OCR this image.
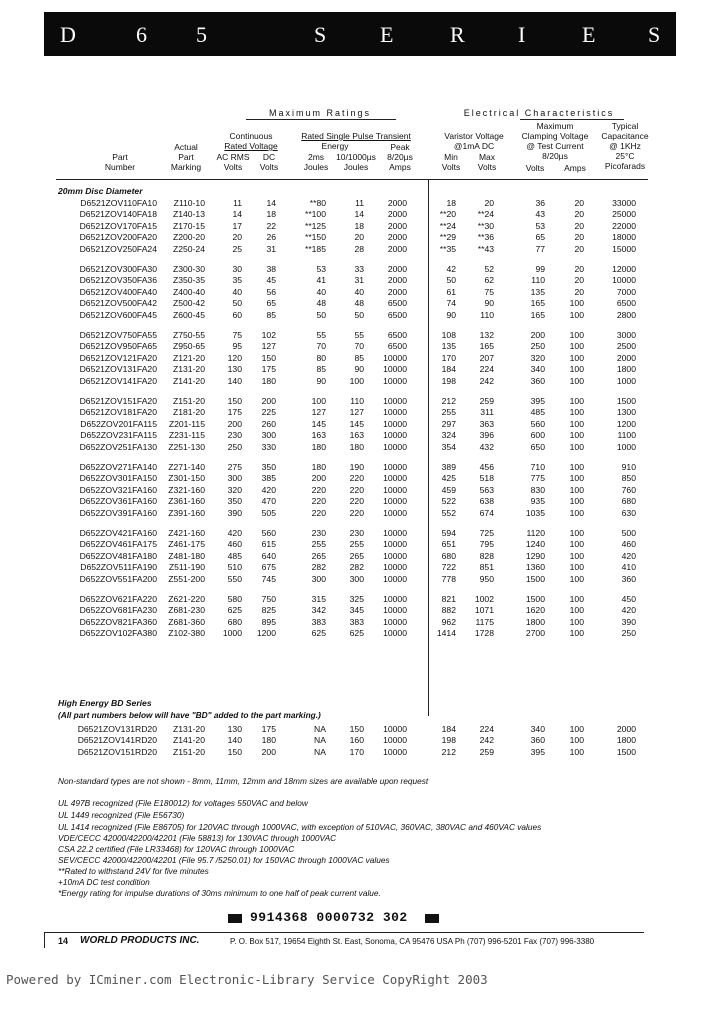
D	6 5	S E	R I	E S
Maximum Ratings	Electrical Characteristics
Part
Number
Actual
Part
Marking
Continuous
Rated Voltage
AC RMS
Volts
DC
Volts
Rated Single Pulse Transient
Energy
2ms
Joules
10/1000µs
Joules
Peak
8/20µs
Amps
Varistor Voltage
@1mA DC
Min
Volts
Max
Volts
Maximum
Clamping Voltage
@ Test Current
8/20µs
Volts	Amps
Typical
Capacitance
@ 1KHz
25°C
Picofarads
20mm Disc Diameter
D6521ZOV110FA10 Z110-10	11	14	**80	11	2000	18	20	36	20	33000
D6521ZOV140FA18 Z140-13	14	18	**100	14	2000	**20	**24	43	20	25000
D6521ZOV170FA15 Z170-15	17	22	**125	18	2000	**24	**30	53	20	22000
D6521ZOV200FA20 Z200-20	20	26	**150	20	2000	**29	**36	65	20	18000
D6521ZOV250FA24 Z250-24	25	31	**185	28	2000	**35	**43	77	20	15000
D6521ZOV300FA30 Z300-30	30	38	53	33	2000	42	52	99	20	12000
D6521ZOV350FA36 Z350-35	35	45	41	31	2000	50	62	110	20	10000
D6521ZOV400FA40 Z400-40	40	56	40	40	2000	61	75	135	20	7000
D6521ZOV500FA42 Z500-42	50	65	48	48	6500	74	90	165	100	6500
D6521ZOV600FA45 Z600-45	60	85	50	50	6500	90	110	165	100	2800
D6521ZOV750FA55 Z750-55	75 102	55	55	6500	108	132	200	100	3000
D6521ZOV950FA65 Z950-65	95 127	70	70	6500	135	165	250	100	2500
D6521ZOV121FA20 Z121-20	120 150	80	85 10000	170	207	320	100	2000
D6521ZOV131FA20 Z131-20	130 175	85	90 10000	184	224	340	100	1800
D6521ZOV141FA20 Z141-20	140 180	90	100 10000	198	242	360	100	1000
D6521ZOV151FA20 Z151-20	150 200	100	110 10000	212	259	395	100	1500
D6521ZOV181FA20 Z181-20	175 225	127	127 10000	255	311	485	100	1300
D652ZOV201FA115 Z201-115	200 260	145	145 10000	297	363	560	100	1200
D652ZOV231FA115 Z231-115	230 300	163	163 10000	324	396	600	100	1100
D652ZOV251FA130 Z251-130	250 330	180	180 10000	354	432	650	100	1000
D652ZOV271FA140 Z271-140	275 350	180	190 10000	389	456	710	100	910
D652ZOV301FA150 Z301-150	300 385	200	220 10000	425	518	775	100	850
D652ZOV321FA160 Z321-160	320 420	220	220 10000	459	563	830	100	760
D652ZOV361FA160 Z361-160	350 470	220	220 10000	522	638	935	100	680
D652ZOV391FA160 Z391-160	390 505	220	220 10000	552	674	1035	100	630
D652ZOV421FA160 Z421-160	420 560	230	230 10000	594	725	1120	100	500
D652ZOV461FA175 Z461-175	460 615	255	255 10000	651	795	1240	100	460
D652ZOV481FA180 Z481-180	485 640	265	265 10000	680	828	1290	100	420
D652ZOV511FA190 Z511-190	510 675	282	282 10000	722	851	1360	100	410
D652ZOV551FA200 Z551-200	550 745	300	300 10000	778	950	1500	100	360
D652ZOV621FA220 Z621-220	580 750	315	325 10000	821 1002	1500	100	450
D652ZOV681FA230 Z681-230	625 825	342	345 10000	882 1071	1620	100	420
D652ZOV821FA360 Z681-360	680 895	383	383 10000	962 1175	1800	100	390
D652ZOV102FA380 Z102-380 1000 1200	625	625 10000	1414 1728	2700	100	250
High Energy BD Series
(All part numbers below will have "BD" added to the part marking.)
D6521ZOV131RD20 Z131-20	130 175	NA	150 10000	184	224	340	100	2000
D6521ZOV141RD20 Z141-20	140 180	NA	160 10000	198	242	360	100	1800
D6521ZOV151RD20 Z151-20	150 200	NA	170 10000	212	259	395	100	1500
Non-standard types are not shown - 8mm, 11mm, 12mm and 18mm sizes are available upon request
UL 497B recognized (File E180012) for voltages 550VAC and below
UL 1449 recognized (File E56730)
UL 1414 recognized (File E86705) for 120VAC through 1000VAC, with exception of 510VAC, 360VAC, 380VAC and 460VAC values
VDE/CECC 42000/42200/42201 (File 58813) for 130VAC through 1000VAC
CSA 22.2 certified (File LR33468) for 120VAC through 1000VAC
SEV/CECC 42000/42200/42201 (File 95.7 /5250.01) for 150VAC through 1000VAC values
**Rated to withstand 24V for five minutes
+10mA DC test condition
*Energy rating for impulse durations of 30ms minimum to one half of peak current value.
9914368 0000732 302
14 WORLD PRODUCTS INC.	P. O. Box 517, 19654 Eighth St. East, Sonoma, CA 95476 USA Ph (707) 996-5201 Fax (707) 996-3380
Powered by ICminer.com Electronic-Library Service CopyRight 2003
